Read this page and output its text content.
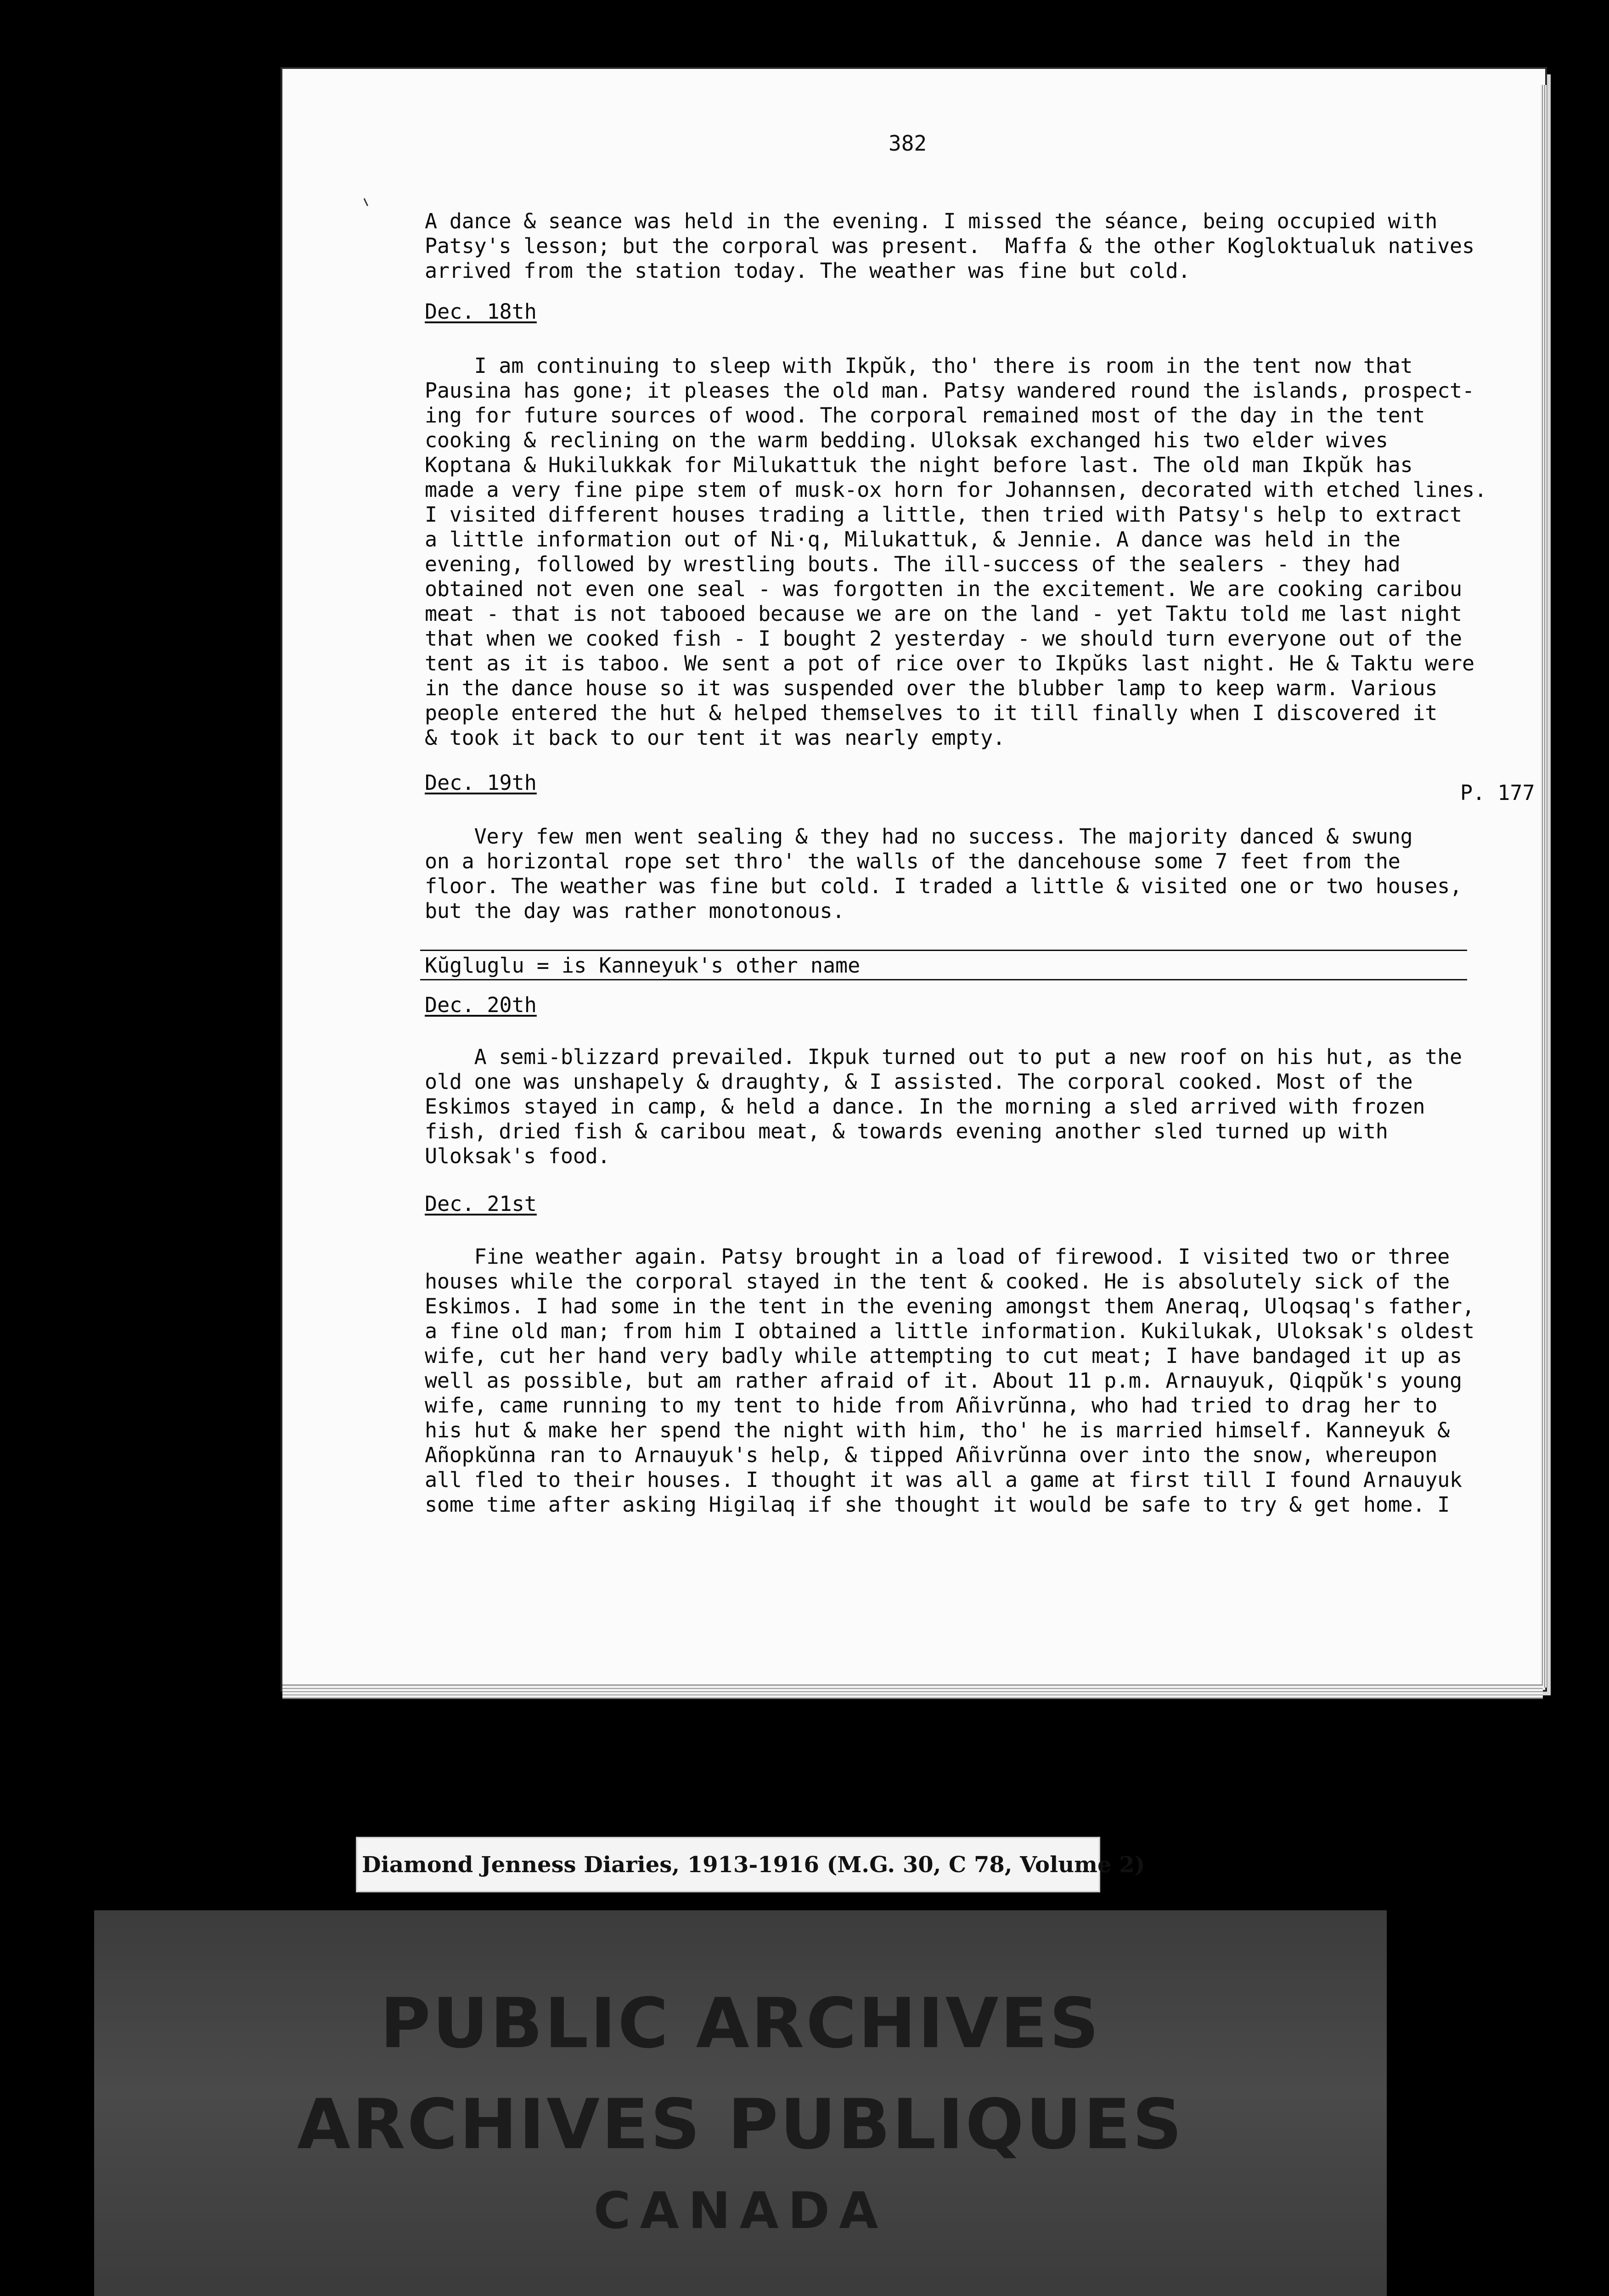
382
A dance & seance was held in the evening. I missed the séance, being occupied with
Patsy's lesson; but the corporal was present.  Maffa & the other Kogloktualuk natives
arrived from the station today. The weather was fine but cold.
Dec. 18th
I am continuing to sleep with Ikpŭk, tho' there is room in the tent now that
Pausina has gone; it pleases the old man. Patsy wandered round the islands, prospect-
ing for future sources of wood. The corporal remained most of the day in the tent
cooking & reclining on the warm bedding. Uloksak exchanged his two elder wives
Koptana & Hukilukkak for Milukattuk the night before last. The old man Ikpŭk has
made a very fine pipe stem of musk-ox horn for Johannsen, decorated with etched lines.
I visited different houses trading a little, then tried with Patsy's help to extract
a little information out of Ni·q, Milukattuk, & Jennie. A dance was held in the
evening, followed by wrestling bouts. The ill-success of the sealers - they had
obtained not even one seal - was forgotten in the excitement. We are cooking caribou
meat - that is not tabooed because we are on the land - yet Taktu told me last night
that when we cooked fish - I bought 2 yesterday - we should turn everyone out of the
tent as it is taboo. We sent a pot of rice over to Ikpŭks last night. He & Taktu were
in the dance house so it was suspended over the blubber lamp to keep warm. Various
people entered the hut & helped themselves to it till finally when I discovered it
& took it back to our tent it was nearly empty.
Dec. 19th	P. 177
Very few men went sealing & they had no success. The majority danced & swung
on a horizontal rope set thro' the walls of the dancehouse some 7 feet from the
floor. The weather was fine but cold. I traded a little & visited one or two houses,
but the day was rather monotonous.
Kŭgluglu = is Kanneyuk's other name
Dec. 20th
A semi-blizzard prevailed. Ikpuk turned out to put a new roof on his hut, as the
old one was unshapely & draughty, & I assisted. The corporal cooked. Most of the
Eskimos stayed in camp, & held a dance. In the morning a sled arrived with frozen
fish, dried fish & caribou meat, & towards evening another sled turned up with
Uloksak's food.
Dec. 21st
Fine weather again. Patsy brought in a load of firewood. I visited two or three
houses while the corporal stayed in the tent & cooked. He is absolutely sick of the
Eskimos. I had some in the tent in the evening amongst them Aneraq, Uloqsaq's father,
a fine old man; from him I obtained a little information. Kukilukak, Uloksak's oldest
wife, cut her hand very badly while attempting to cut meat; I have bandaged it up as
well as possible, but am rather afraid of it. About 11 p.m. Arnauyuk, Qiqpŭk's young
wife, came running to my tent to hide from Añivrŭnna, who had tried to drag her to
his hut & make her spend the night with him, tho' he is married himself. Kanneyuk &
Añopkŭnna ran to Arnauyuk's help, & tipped Añivrŭnna over into the snow, whereupon
all fled to their houses. I thought it was all a game at first till I found Arnauyuk
some time after asking Higilaq if she thought it would be safe to try & get home. I
Diamond Jenness Diaries, 1913-1916 (M.G. 30, C 78, Volume 2)
PUBLIC ARCHIVES
ARCHIVES PUBLIQUES
CANADA
